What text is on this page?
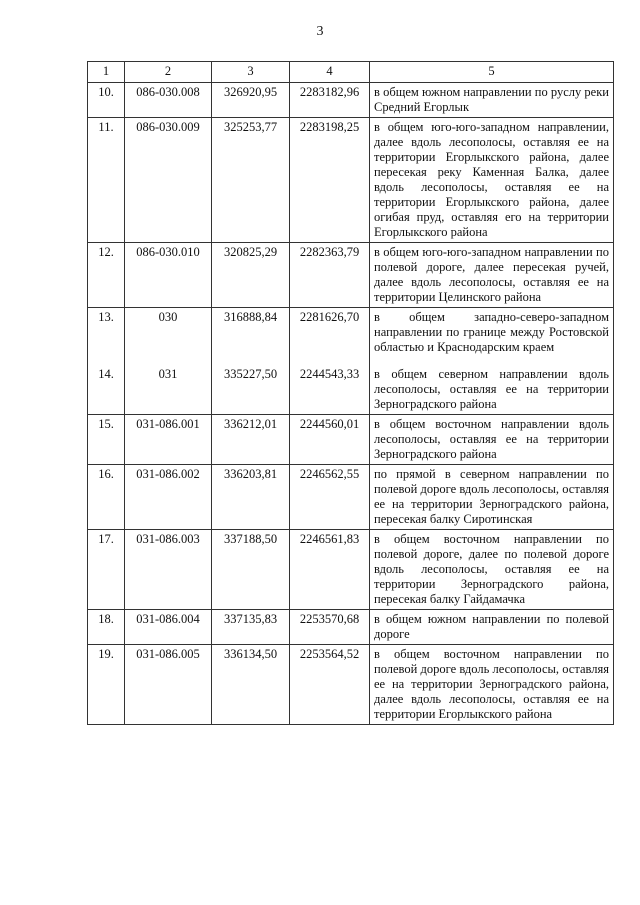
3
1	2	3	4	5
10.	086-030.008	326920,95	2283182,96	в общем южном направлении по руслу реки Средний Егорлык
11.	086-030.009	325253,77	2283198,25	в общем юго-юго-западном направлении, далее вдоль лесополосы, оставляя ее на территории Егорлыкского района, далее пересекая реку Каменная Балка, далее вдоль лесополосы, оставляя ее на территории Егорлыкского района, далее огибая пруд, оставляя его на территории Егорлыкского района
12.	086-030.010	320825,29	2282363,79	в общем юго-юго-западном направлении по полевой дороге, далее пересекая ручей, далее вдоль лесополосы, оставляя ее на территории Целинского района
13.	030	316888,84	2281626,70	в общем западно-северо-западном направлении по границе между Ростовской областью и Краснодарским краем
14.	031	335227,50	2244543,33	в общем северном направлении вдоль лесополосы, оставляя ее на территории Зерноградского района
15.	031-086.001	336212,01	2244560,01	в общем восточном направлении вдоль лесополосы, оставляя ее на территории Зерноградского района
16.	031-086.002	336203,81	2246562,55	по прямой в северном направлении по полевой дороге вдоль лесополосы, оставляя ее на территории Зерноградского района, пересекая балку Сиротинская
17.	031-086.003	337188,50	2246561,83	в общем восточном направлении по полевой дороге, далее по полевой дороге вдоль лесополосы, оставляя ее на территории Зерноградского района, пересекая балку Гайдамачка
18.	031-086.004	337135,83	2253570,68	в общем южном направлении по полевой дороге
19.	031-086.005	336134,50	2253564,52	в общем восточном направлении по полевой дороге вдоль лесополосы, оставляя ее на территории Зерноградского района, далее вдоль лесополосы, оставляя ее на территории Егорлыкского района
